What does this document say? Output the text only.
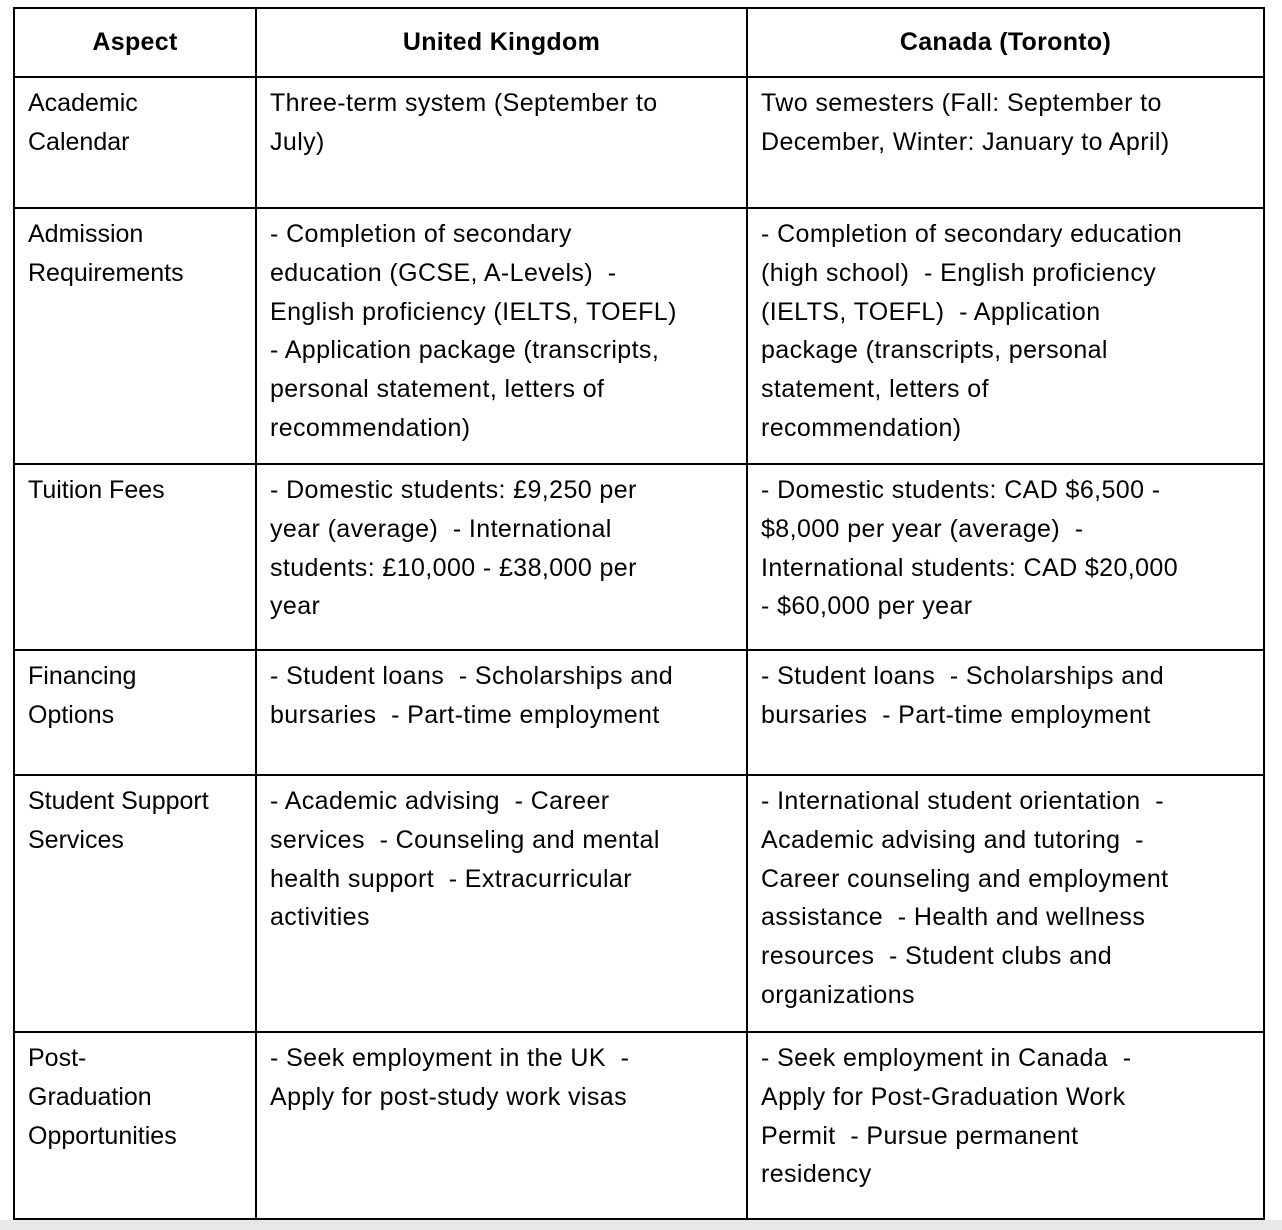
Aspect	United Kingdom	Canada (Toronto)

Academic Calendar	Three-term system (September to July)	Two semesters (Fall: September to December, Winter: January to April)

Admission Requirements	- Completion of secondary education (GCSE, A-Levels)  - English proficiency (IELTS, TOEFL)  - Application package (transcripts, personal statement, letters of recommendation)	- Completion of secondary education (high school)  - English proficiency (IELTS, TOEFL)  - Application package (transcripts, personal statement, letters of recommendation)

Tuition Fees	- Domestic students: £9,250 per year (average)  - International students: £10,000 - £38,000 per year	- Domestic students: CAD $6,500 - $8,000 per year (average)  - International students: CAD $20,000 - $60,000 per year

Financing Options	- Student loans  - Scholarships and bursaries  - Part-time employment	- Student loans  - Scholarships and bursaries  - Part-time employment

Student Support Services	- Academic advising  - Career services  - Counseling and mental health support  - Extracurricular activities	- International student orientation  - Academic advising and tutoring  - Career counseling and employment assistance  - Health and wellness resources  - Student clubs and organizations

Post-Graduation Opportunities	- Seek employment in the UK  - Apply for post-study work visas	- Seek employment in Canada  - Apply for Post-Graduation Work Permit  - Pursue permanent residency
